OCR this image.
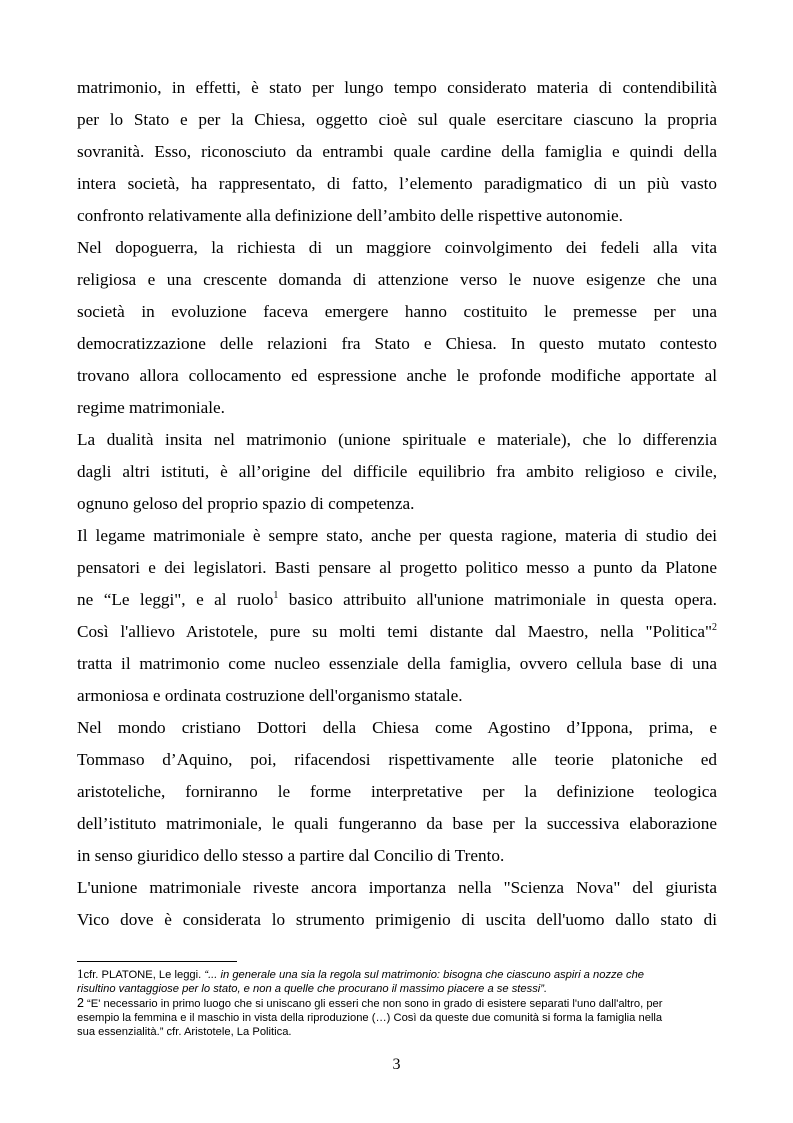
matrimonio, in effetti, è stato per lungo tempo considerato materia di contendibilità
per lo Stato e per la Chiesa, oggetto cioè sul quale esercitare ciascuno la propria
sovranità. Esso, riconosciuto da entrambi quale cardine della famiglia e quindi della
intera società, ha rappresentato, di fatto, l’elemento paradigmatico di un più vasto
confronto relativamente alla definizione dell’ambito delle rispettive autonomie.
Nel dopoguerra, la richiesta di un maggiore coinvolgimento dei fedeli alla vita
religiosa e una crescente domanda di attenzione verso le nuove esigenze che una
società in evoluzione faceva emergere hanno costituito le premesse per una
democratizzazione delle relazioni fra Stato e Chiesa. In questo mutato contesto
trovano allora collocamento ed espressione anche le profonde modifiche apportate al
regime matrimoniale.
La dualità insita nel matrimonio (unione spirituale e materiale), che lo differenzia
dagli altri istituti, è all’origine del difficile equilibrio fra ambito religioso e civile,
ognuno geloso del proprio spazio di competenza.
Il legame matrimoniale è sempre stato, anche per questa ragione, materia di studio dei
pensatori e dei legislatori. Basti pensare al progetto politico messo a punto da Platone
ne “Le leggi", e al ruolo$^1$ basico attribuito all'unione matrimoniale in questa opera.
Così l'allievo Aristotele, pure su molti temi distante dal Maestro, nella "Politica"$^2$
tratta il matrimonio come nucleo essenziale della famiglia, ovvero cellula base di una
armoniosa e ordinata costruzione dell'organismo statale.
Nel mondo cristiano Dottori della Chiesa come Agostino d’Ippona, prima, e
Tommaso d’Aquino, poi, rifacendosi rispettivamente alle teorie platoniche ed
aristoteliche, forniranno le forme interpretative per la definizione teologica
dell’istituto matrimoniale, le quali fungeranno da base per la successiva elaborazione
in senso giuridico dello stesso a partire dal Concilio di Trento.
L'unione matrimoniale riveste ancora importanza nella "Scienza Nova" del giurista
Vico dove è considerata lo strumento primigenio di uscita dell'uomo dallo stato di
1cfr. PLATONE, Le leggi. “... in generale una sia la regola sul matrimonio: bisogna che ciascuno aspiri a nozze che
risultino vantaggiose per lo stato, e non a quelle che procurano il massimo piacere a se stessi”.
2 “E' necessario in primo luogo che si uniscano gli esseri che non sono in grado di esistere separati l'uno dall'altro, per
esempio la femmina e il maschio in vista della riproduzione (…) Così da queste due comunità si forma la famiglia nella
sua essenzialità.” cfr. Aristotele, La Politica.
3
